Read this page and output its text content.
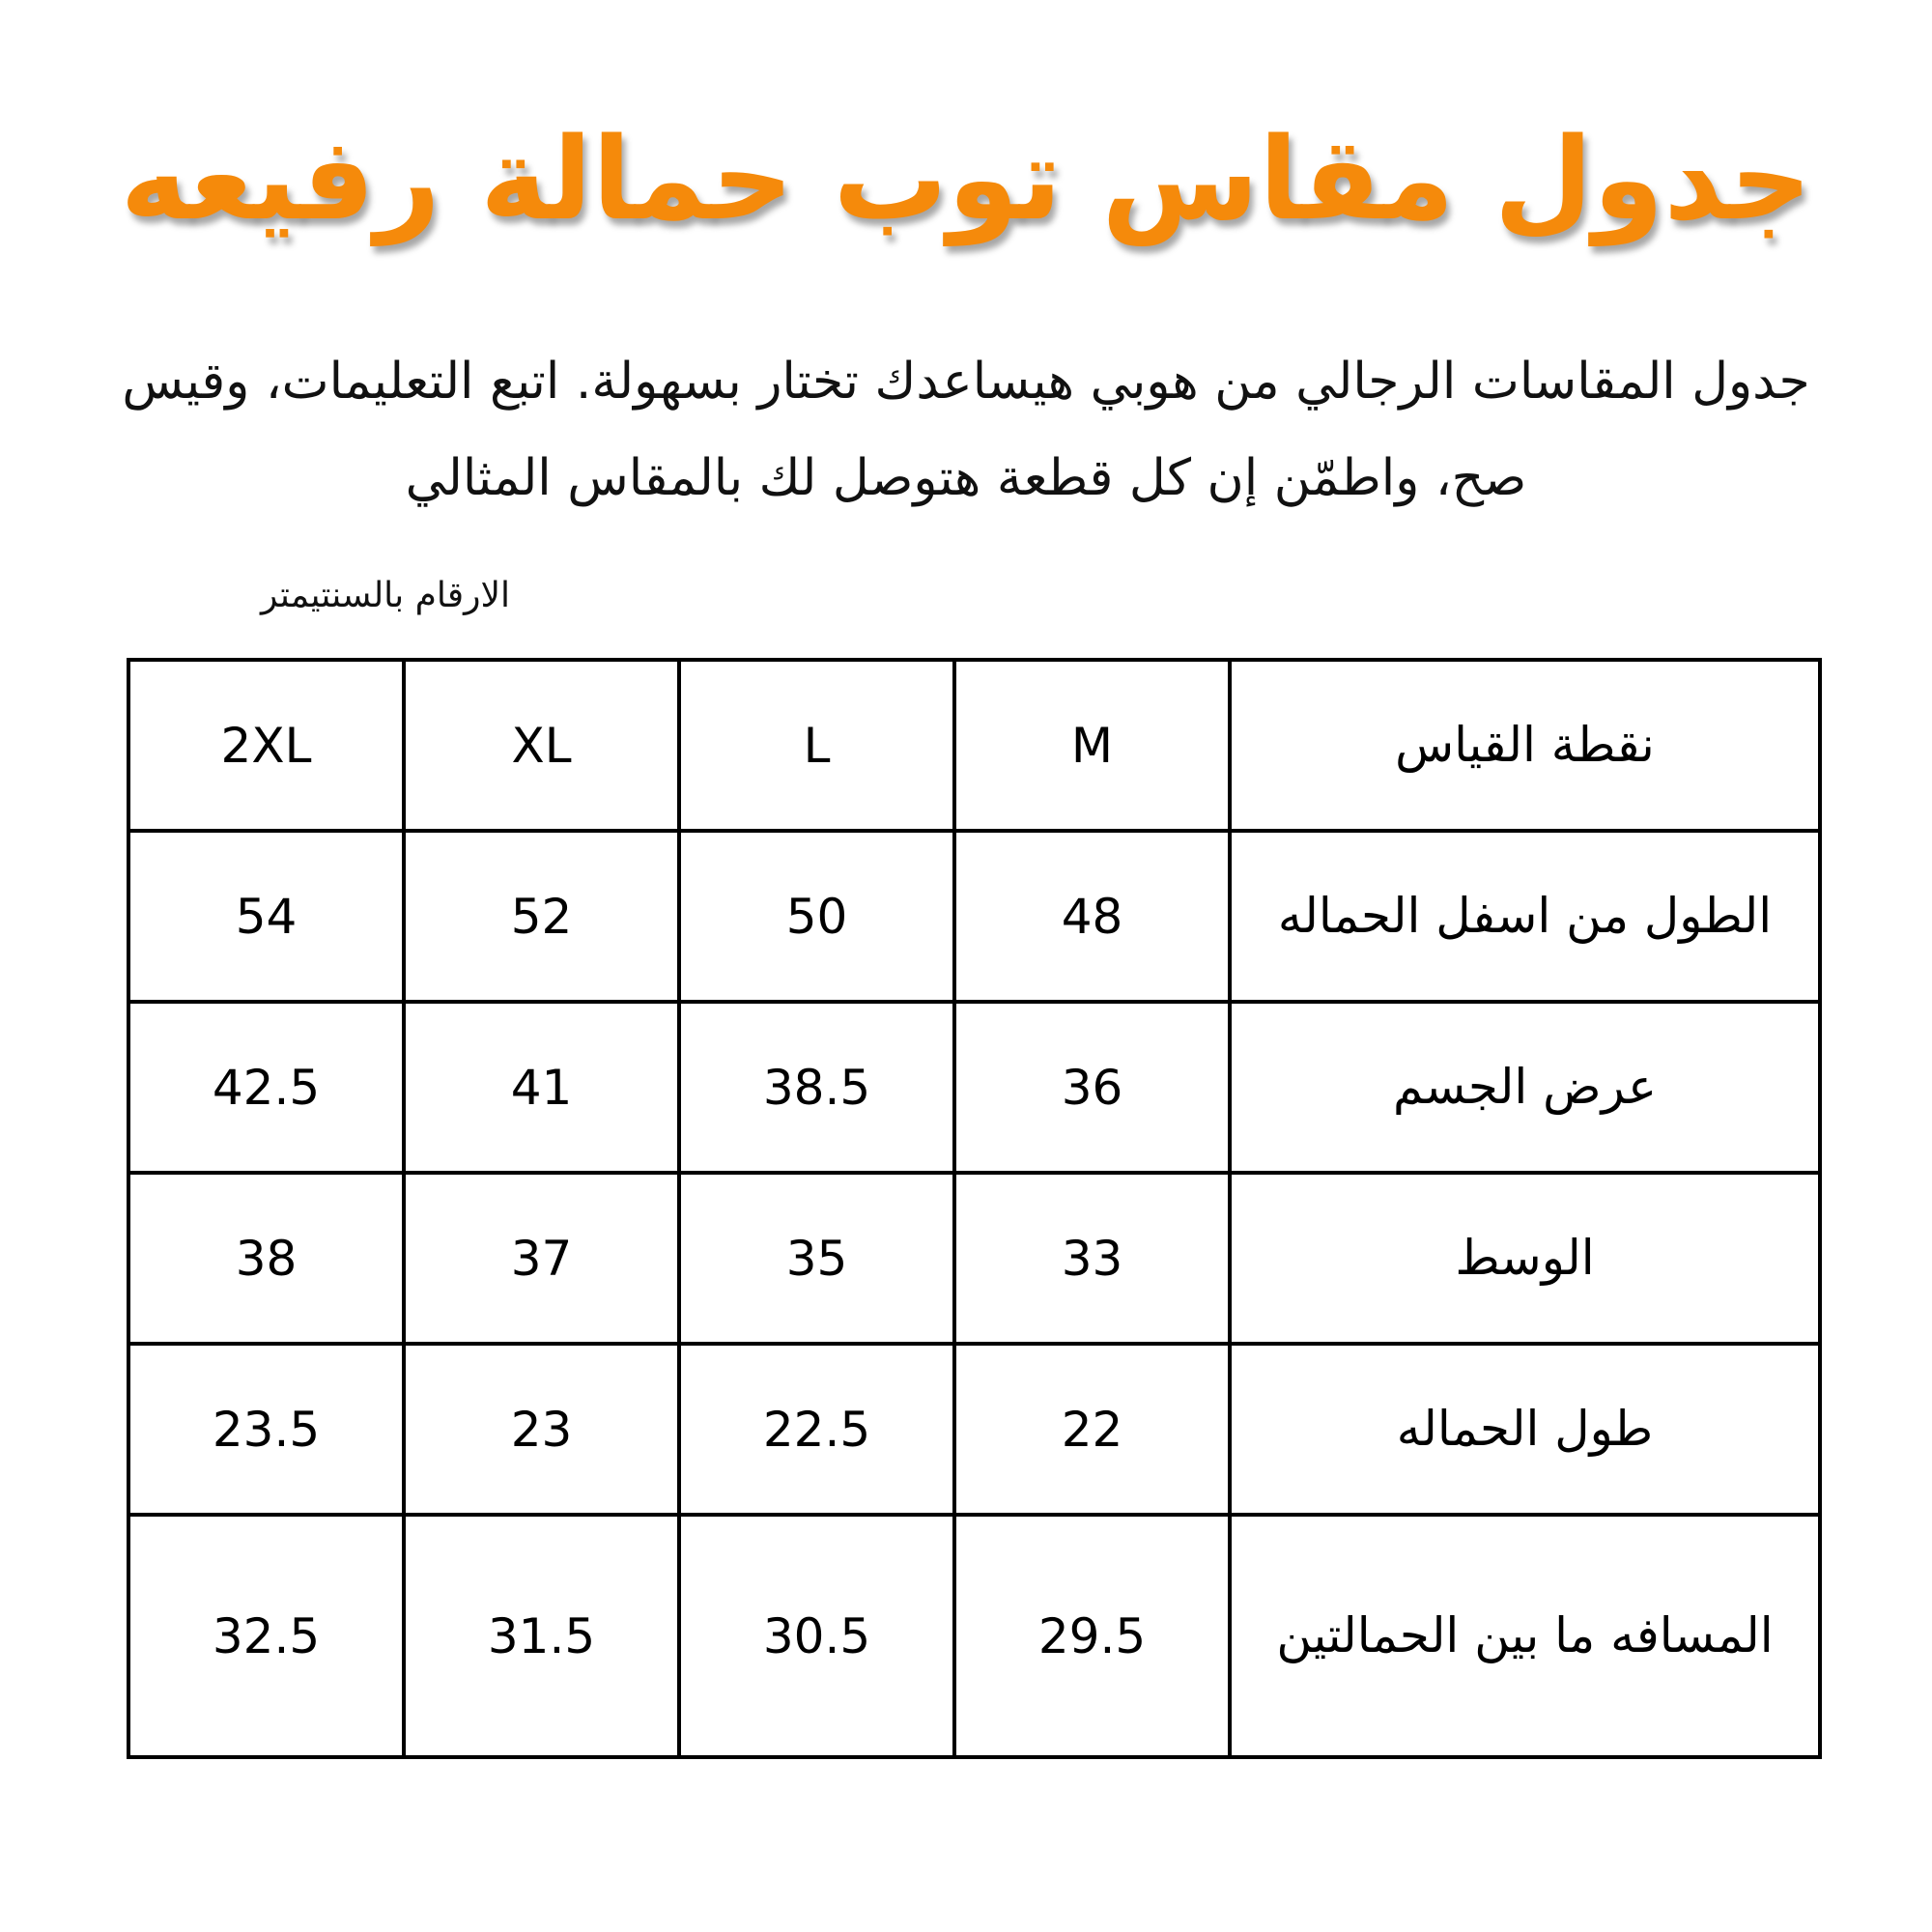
جدول مقاس توب حمالة رفيعه
جدول المقاسات الرجالي من هوبي هيساعدك تختار بسهولة. اتبع التعليمات، وقيس صح، واطمّن إن كل قطعة هتوصل لك بالمقاس المثالي
الارقام بالسنتيمتر
2XL	XL	L	M	نقطة القياس
54	52	50	48	الطول من اسفل الحماله
42.5	41	38.5	36	عرض الجسم
38	37	35	33	الوسط
23.5	23	22.5	22	طول الحماله
32.5	31.5	30.5	29.5	المسافه ما بين الحمالتين
